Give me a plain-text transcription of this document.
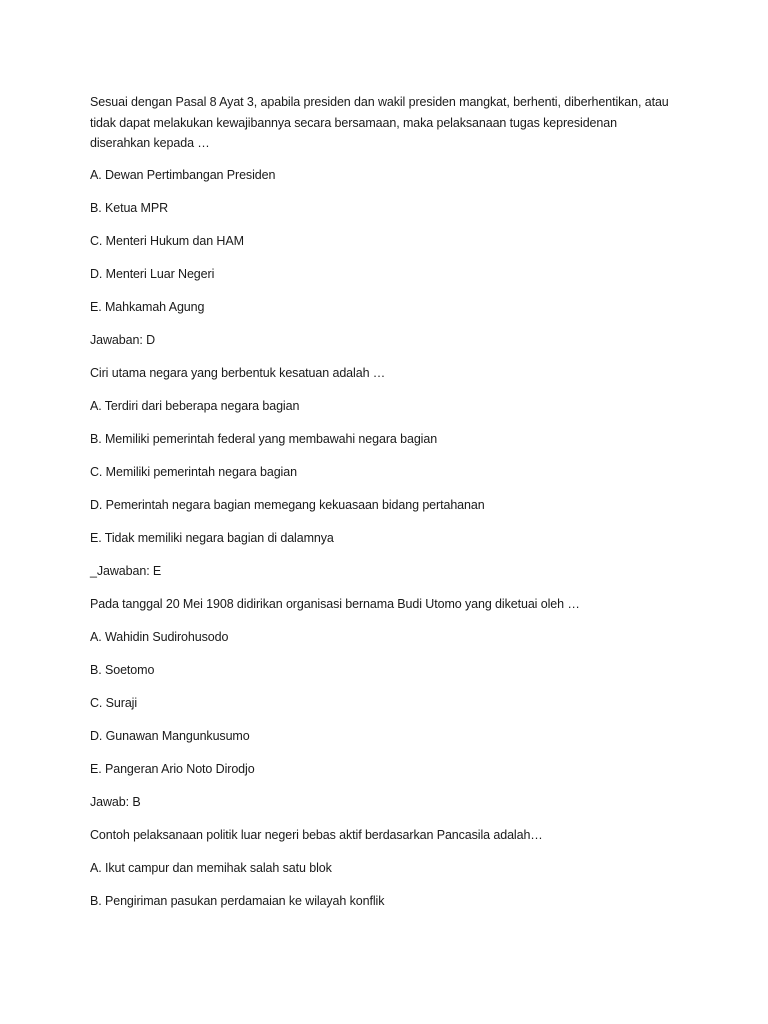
Sesuai dengan Pasal 8 Ayat 3, apabila presiden dan wakil presiden mangkat, berhenti, diberhentikan, atau tidak dapat melakukan kewajibannya secara bersamaan, maka pelaksanaan tugas kepresidenan diserahkan kepada …

A. Dewan Pertimbangan Presiden

B. Ketua MPR

C. Menteri Hukum dan HAM

D. Menteri Luar Negeri

E. Mahkamah Agung

Jawaban: D

Ciri utama negara yang berbentuk kesatuan adalah …

A. Terdiri dari beberapa negara bagian

B. Memiliki pemerintah federal yang membawahi negara bagian

C. Memiliki pemerintah negara bagian

D. Pemerintah negara bagian memegang kekuasaan bidang pertahanan

E. Tidak memiliki negara bagian di dalamnya

_Jawaban: E

Pada tanggal 20 Mei 1908 didirikan organisasi bernama Budi Utomo yang diketuai oleh …

A. Wahidin Sudirohusodo

B. Soetomo

C. Suraji

D. Gunawan Mangunkusumo

E. Pangeran Ario Noto Dirodjo

Jawab: B

Contoh pelaksanaan politik luar negeri bebas aktif berdasarkan Pancasila adalah…

A. Ikut campur dan memihak salah satu blok

B. Pengiriman pasukan perdamaian ke wilayah konflik
